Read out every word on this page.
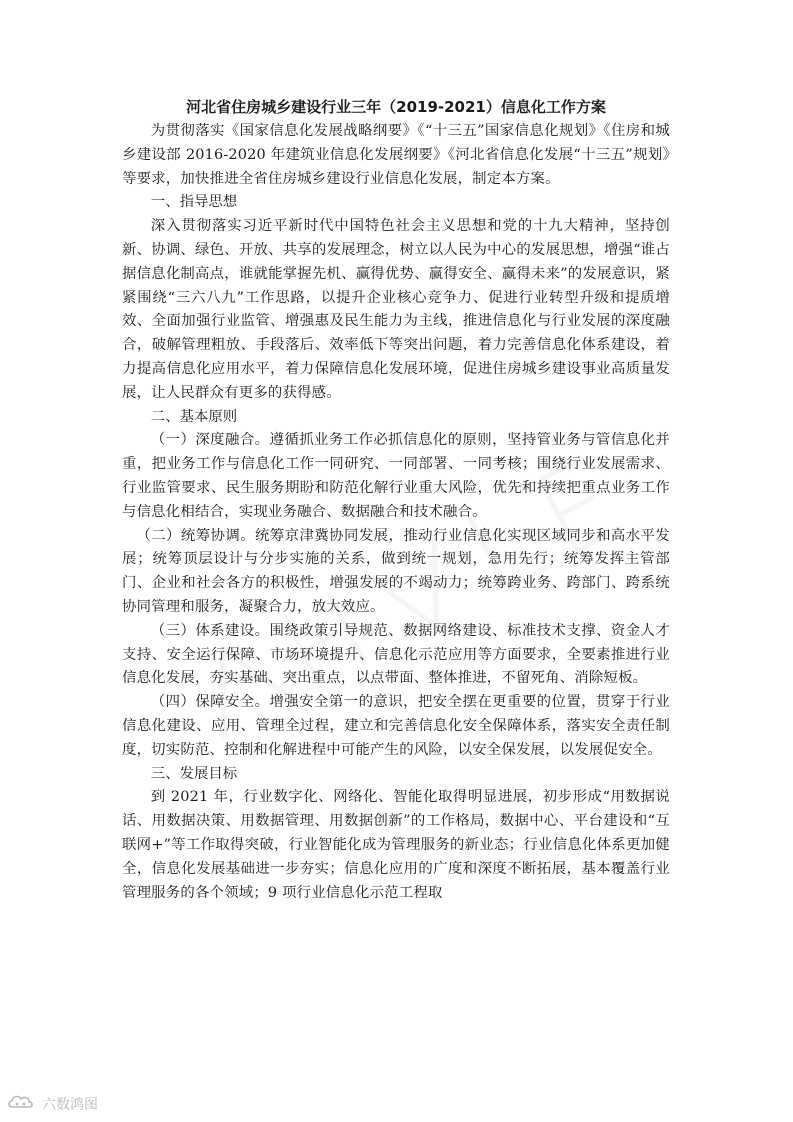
河北省住房城乡建设行业三年（2019-2021）信息化工作方案

为贯彻落实《国家信息化发展战略纲要》《“十三五”国家信息化规划》《住房和城乡建设部 2016-2020 年建筑业信息化发展纲要》《河北省信息化发展“十三五”规划》等要求，加快推进全省住房城乡建设行业信息化发展，制定本方案。

一、指导思想

深入贯彻落实习近平新时代中国特色社会主义思想和党的十九大精神，坚持创新、协调、绿色、开放、共享的发展理念，树立以人民为中心的发展思想，增强“谁占据信息化制高点，谁就能掌握先机、赢得优势、赢得安全、赢得未来”的发展意识，紧紧围绕“三六八九”工作思路，以提升企业核心竞争力、促进行业转型升级和提质增效、全面加强行业监管、增强惠及民生能力为主线，推进信息化与行业发展的深度融合，破解管理粗放、手段落后、效率低下等突出问题，着力完善信息化体系建设，着力提高信息化应用水平，着力保障信息化发展环境，促进住房城乡建设事业高质量发展，让人民群众有更多的获得感。

二、基本原则

（一）深度融合。遵循抓业务工作必抓信息化的原则，坚持管业务与管信息化并重，把业务工作与信息化工作一同研究、一同部署、一同考核；围绕行业发展需求、行业监管要求、民生服务期盼和防范化解行业重大风险，优先和持续把重点业务工作与信息化相结合，实现业务融合、数据融合和技术融合。

（二）统筹协调。统筹京津冀协同发展，推动行业信息化实现区域同步和高水平发展；统筹顶层设计与分步实施的关系，做到统一规划，急用先行；统筹发挥主管部门、企业和社会各方的积极性，增强发展的不竭动力；统筹跨业务、跨部门、跨系统协同管理和服务，凝聚合力，放大效应。

（三）体系建设。围绕政策引导规范、数据网络建设、标准技术支撑、资金人才支持、安全运行保障、市场环境提升、信息化示范应用等方面要求，全要素推进行业信息化发展，夯实基础、突出重点，以点带面、整体推进，不留死角、消除短板。

（四）保障安全。增强安全第一的意识，把安全摆在更重要的位置，贯穿于行业信息化建设、应用、管理全过程，建立和完善信息化安全保障体系，落实安全责任制度，切实防范、控制和化解进程中可能产生的风险，以安全保发展，以发展促安全。

三、发展目标

到 2021 年，行业数字化、网络化、智能化取得明显进展，初步形成“用数据说话、用数据决策、用数据管理、用数据创新”的工作格局，数据中心、平台建设和“互联网+”等工作取得突破，行业智能化成为管理服务的新业态；行业信息化体系更加健全，信息化发展基础进一步夯实；信息化应用的广度和深度不断拓展，基本覆盖行业管理服务的各个领域；9 项行业信息化示范工程取

六数鸿图
